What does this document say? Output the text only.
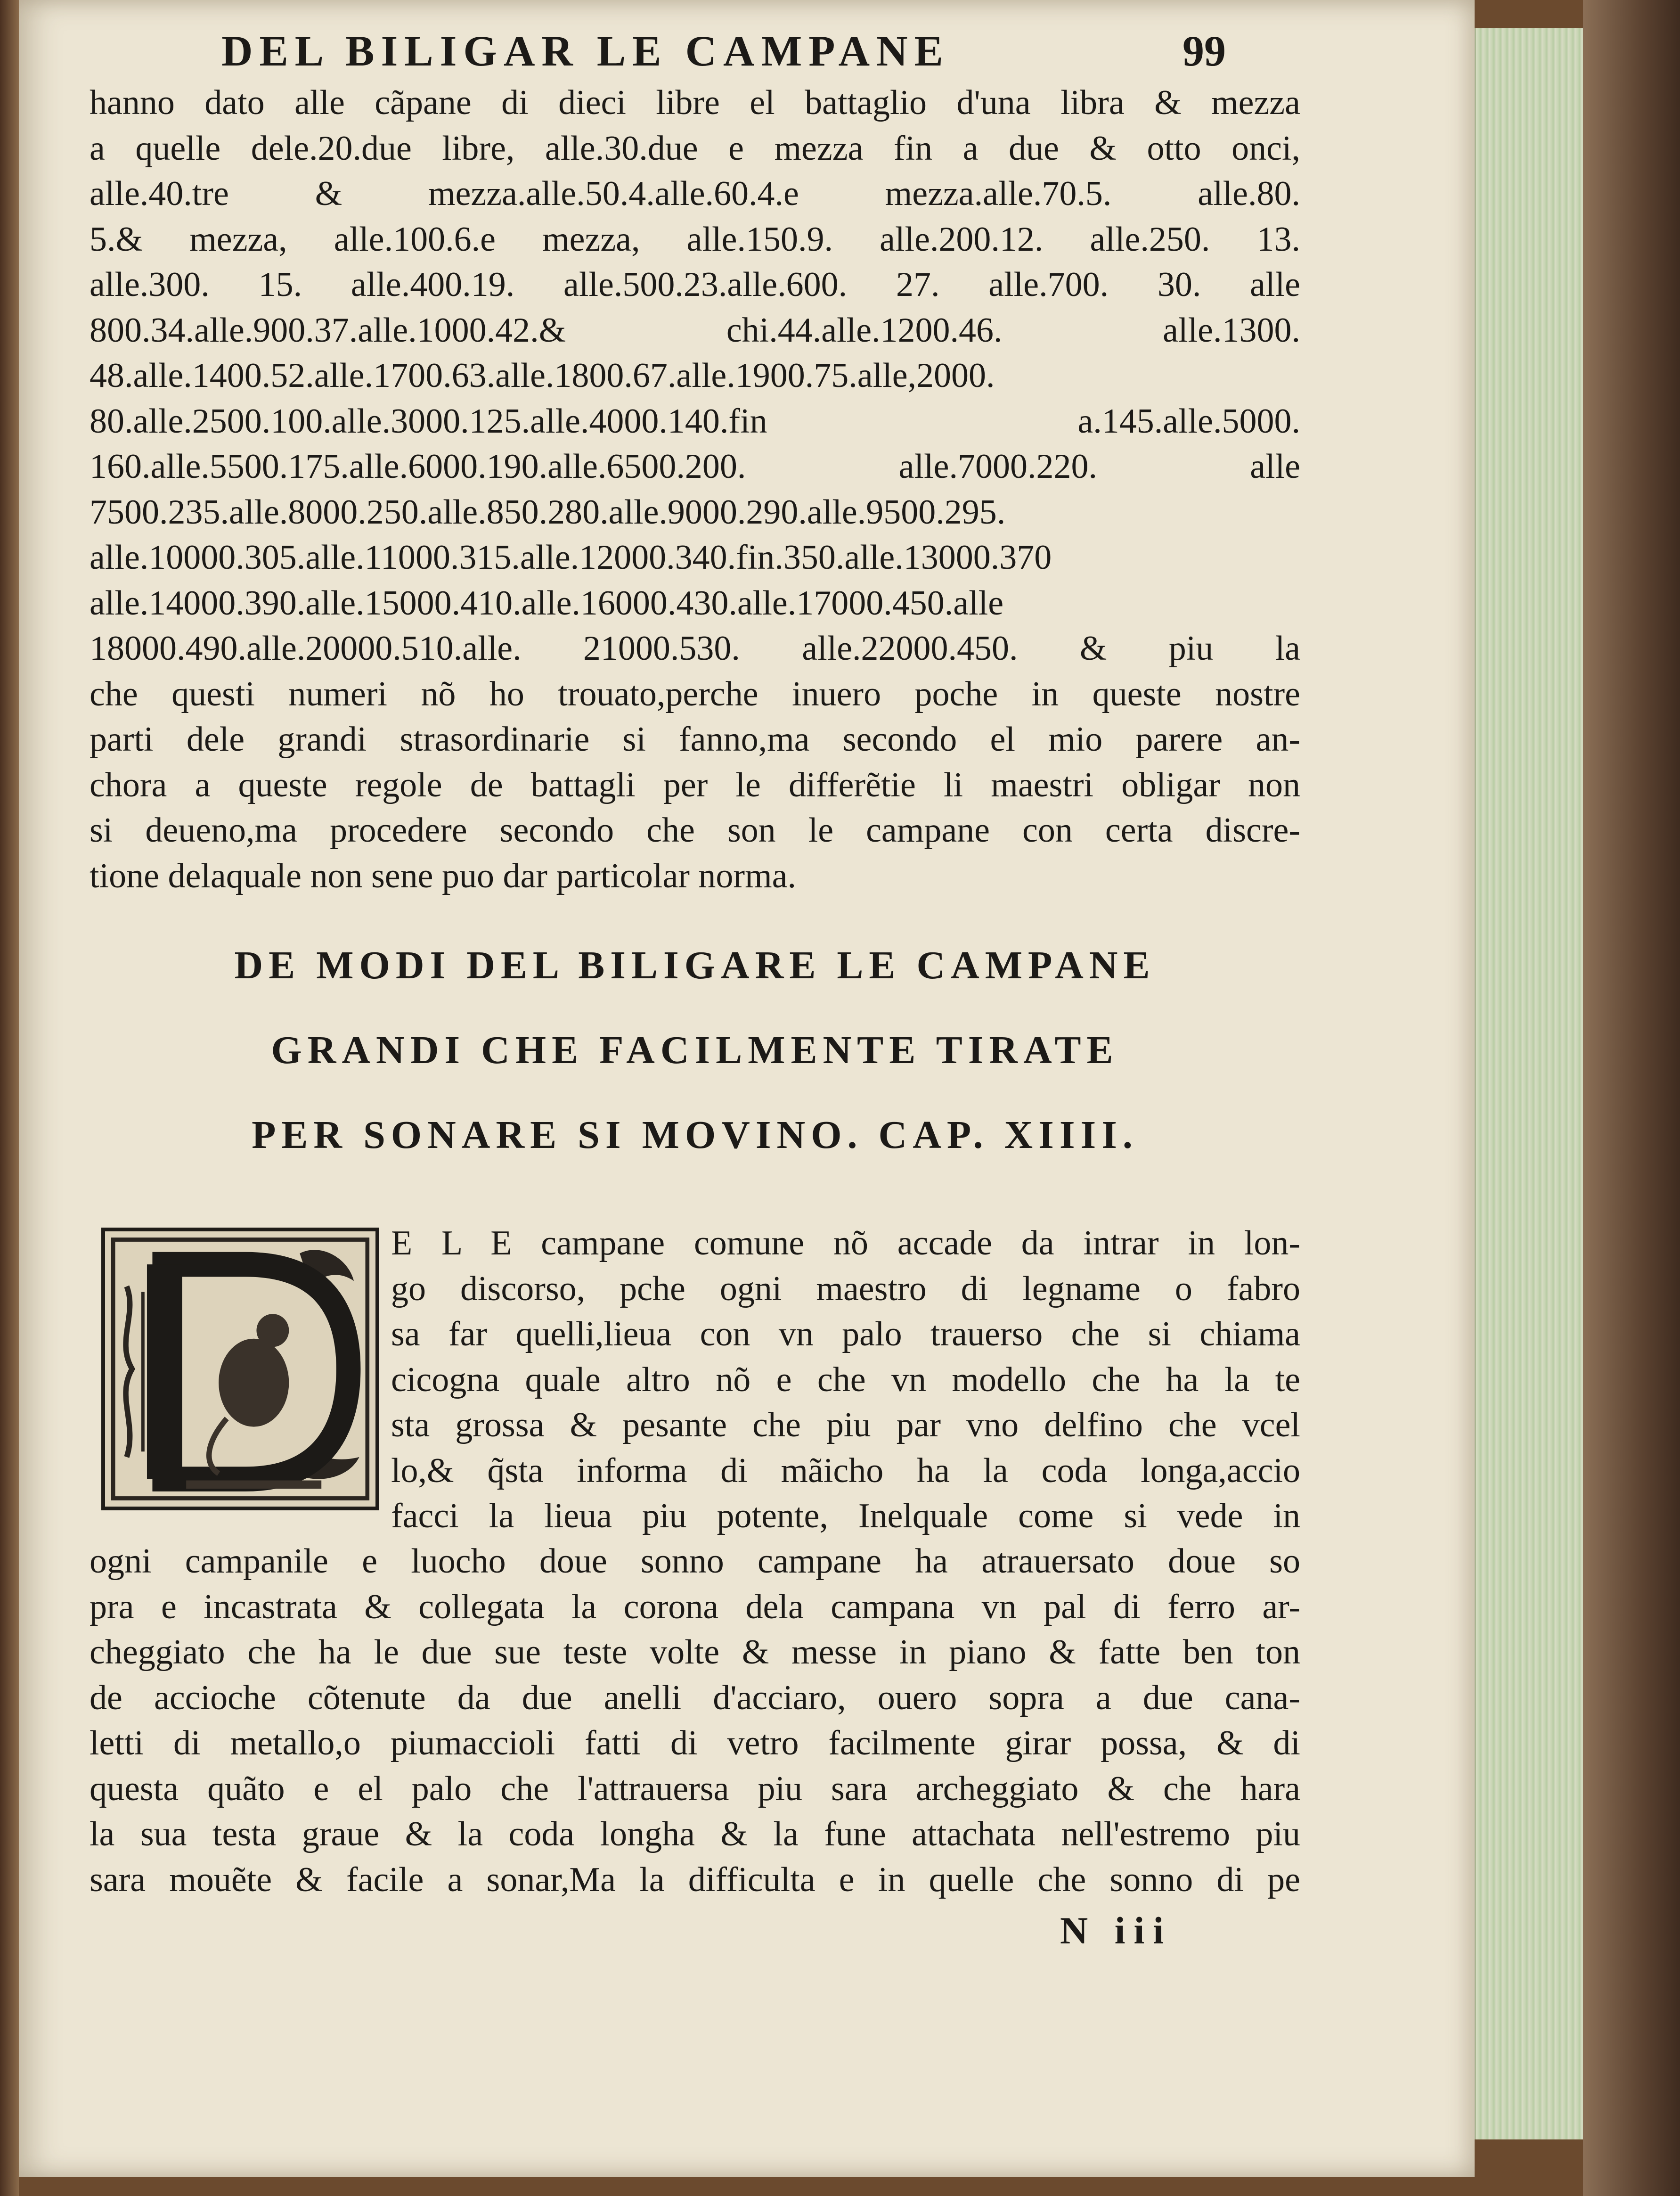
DEL BILIGAR LE CAMPANE	99
hanno dato alle cãpane di dieci libre el battaglio d'una libra & mezza
a quelle dele.20.due libre, alle.30.due e mezza fin a due & otto onci,
alle.40.tre & mezza.alle.50.4.alle.60.4.e mezza.alle.70.5. alle.80.
5.& mezza, alle.100.6.e mezza, alle.150.9. alle.200.12. alle.250. 13.
alle.300. 15. alle.400.19. alle.500.23.alle.600. 27. alle.700. 30. alle
800.34.alle.900.37.alle.1000.42.& chi.44.alle.1200.46. alle.1300.
48.alle.1400.52.alle.1700.63.alle.1800.67.alle.1900.75.alle,2000.
80.alle.2500.100.alle.3000.125.alle.4000.140.fin a.145.alle.5000.
160.alle.5500.175.alle.6000.190.alle.6500.200. alle.7000.220. alle
7500.235.alle.8000.250.alle.850.280.alle.9000.290.alle.9500.295.
alle.10000.305.alle.11000.315.alle.12000.340.fin.350.alle.13000.370
alle.14000.390.alle.15000.410.alle.16000.430.alle.17000.450.alle
18000.490.alle.20000.510.alle. 21000.530. alle.22000.450. & piu la
che questi numeri nõ ho trouato,perche inuero poche in queste nostre
parti dele grandi strasordinarie si fanno,ma secondo el mio parere an-
chora a queste regole de battagli per le differẽtie li maestri obligar non
si deueno,ma procedere secondo che son le campane con certa discre-
tione delaquale non sene puo dar particolar norma.
DE MODI DEL BILIGARE LE CAMPANE
GRANDI CHE FACILMENTE TIRATE
PER SONARE SI MOVINO. CAP. XIIII.
E L E campane comune nõ accade da intrar in lon-
go discorso, pche ogni maestro di legname o fabro
sa far quelli,lieua con vn palo trauerso che si chiama
cicogna quale altro nõ e che vn modello che ha la te
sta grossa & pesante che piu par vno delfino che vcel
lo,& q̃sta informa di mãicho ha la coda longa,accio
facci la lieua piu potente, Inelquale come si vede in
ogni campanile e luocho doue sonno campane ha atrauersato doue so
pra e incastrata & collegata la corona dela campana vn pal di ferro ar-
cheggiato che ha le due sue teste volte & messe in piano & fatte ben ton
de accioche cõtenute da due anelli d'acciaro, ouero sopra a due cana-
letti di metallo,o piumaccioli fatti di vetro facilmente girar possa, & di
questa quãto e el palo che l'attrauersa piu sara archeggiato & che hara
la sua testa graue & la coda longha & la fune attachata nell'estremo piu
sara mouẽte & facile a sonar,Ma la difficulta e in quelle che sonno di pe
N iii
